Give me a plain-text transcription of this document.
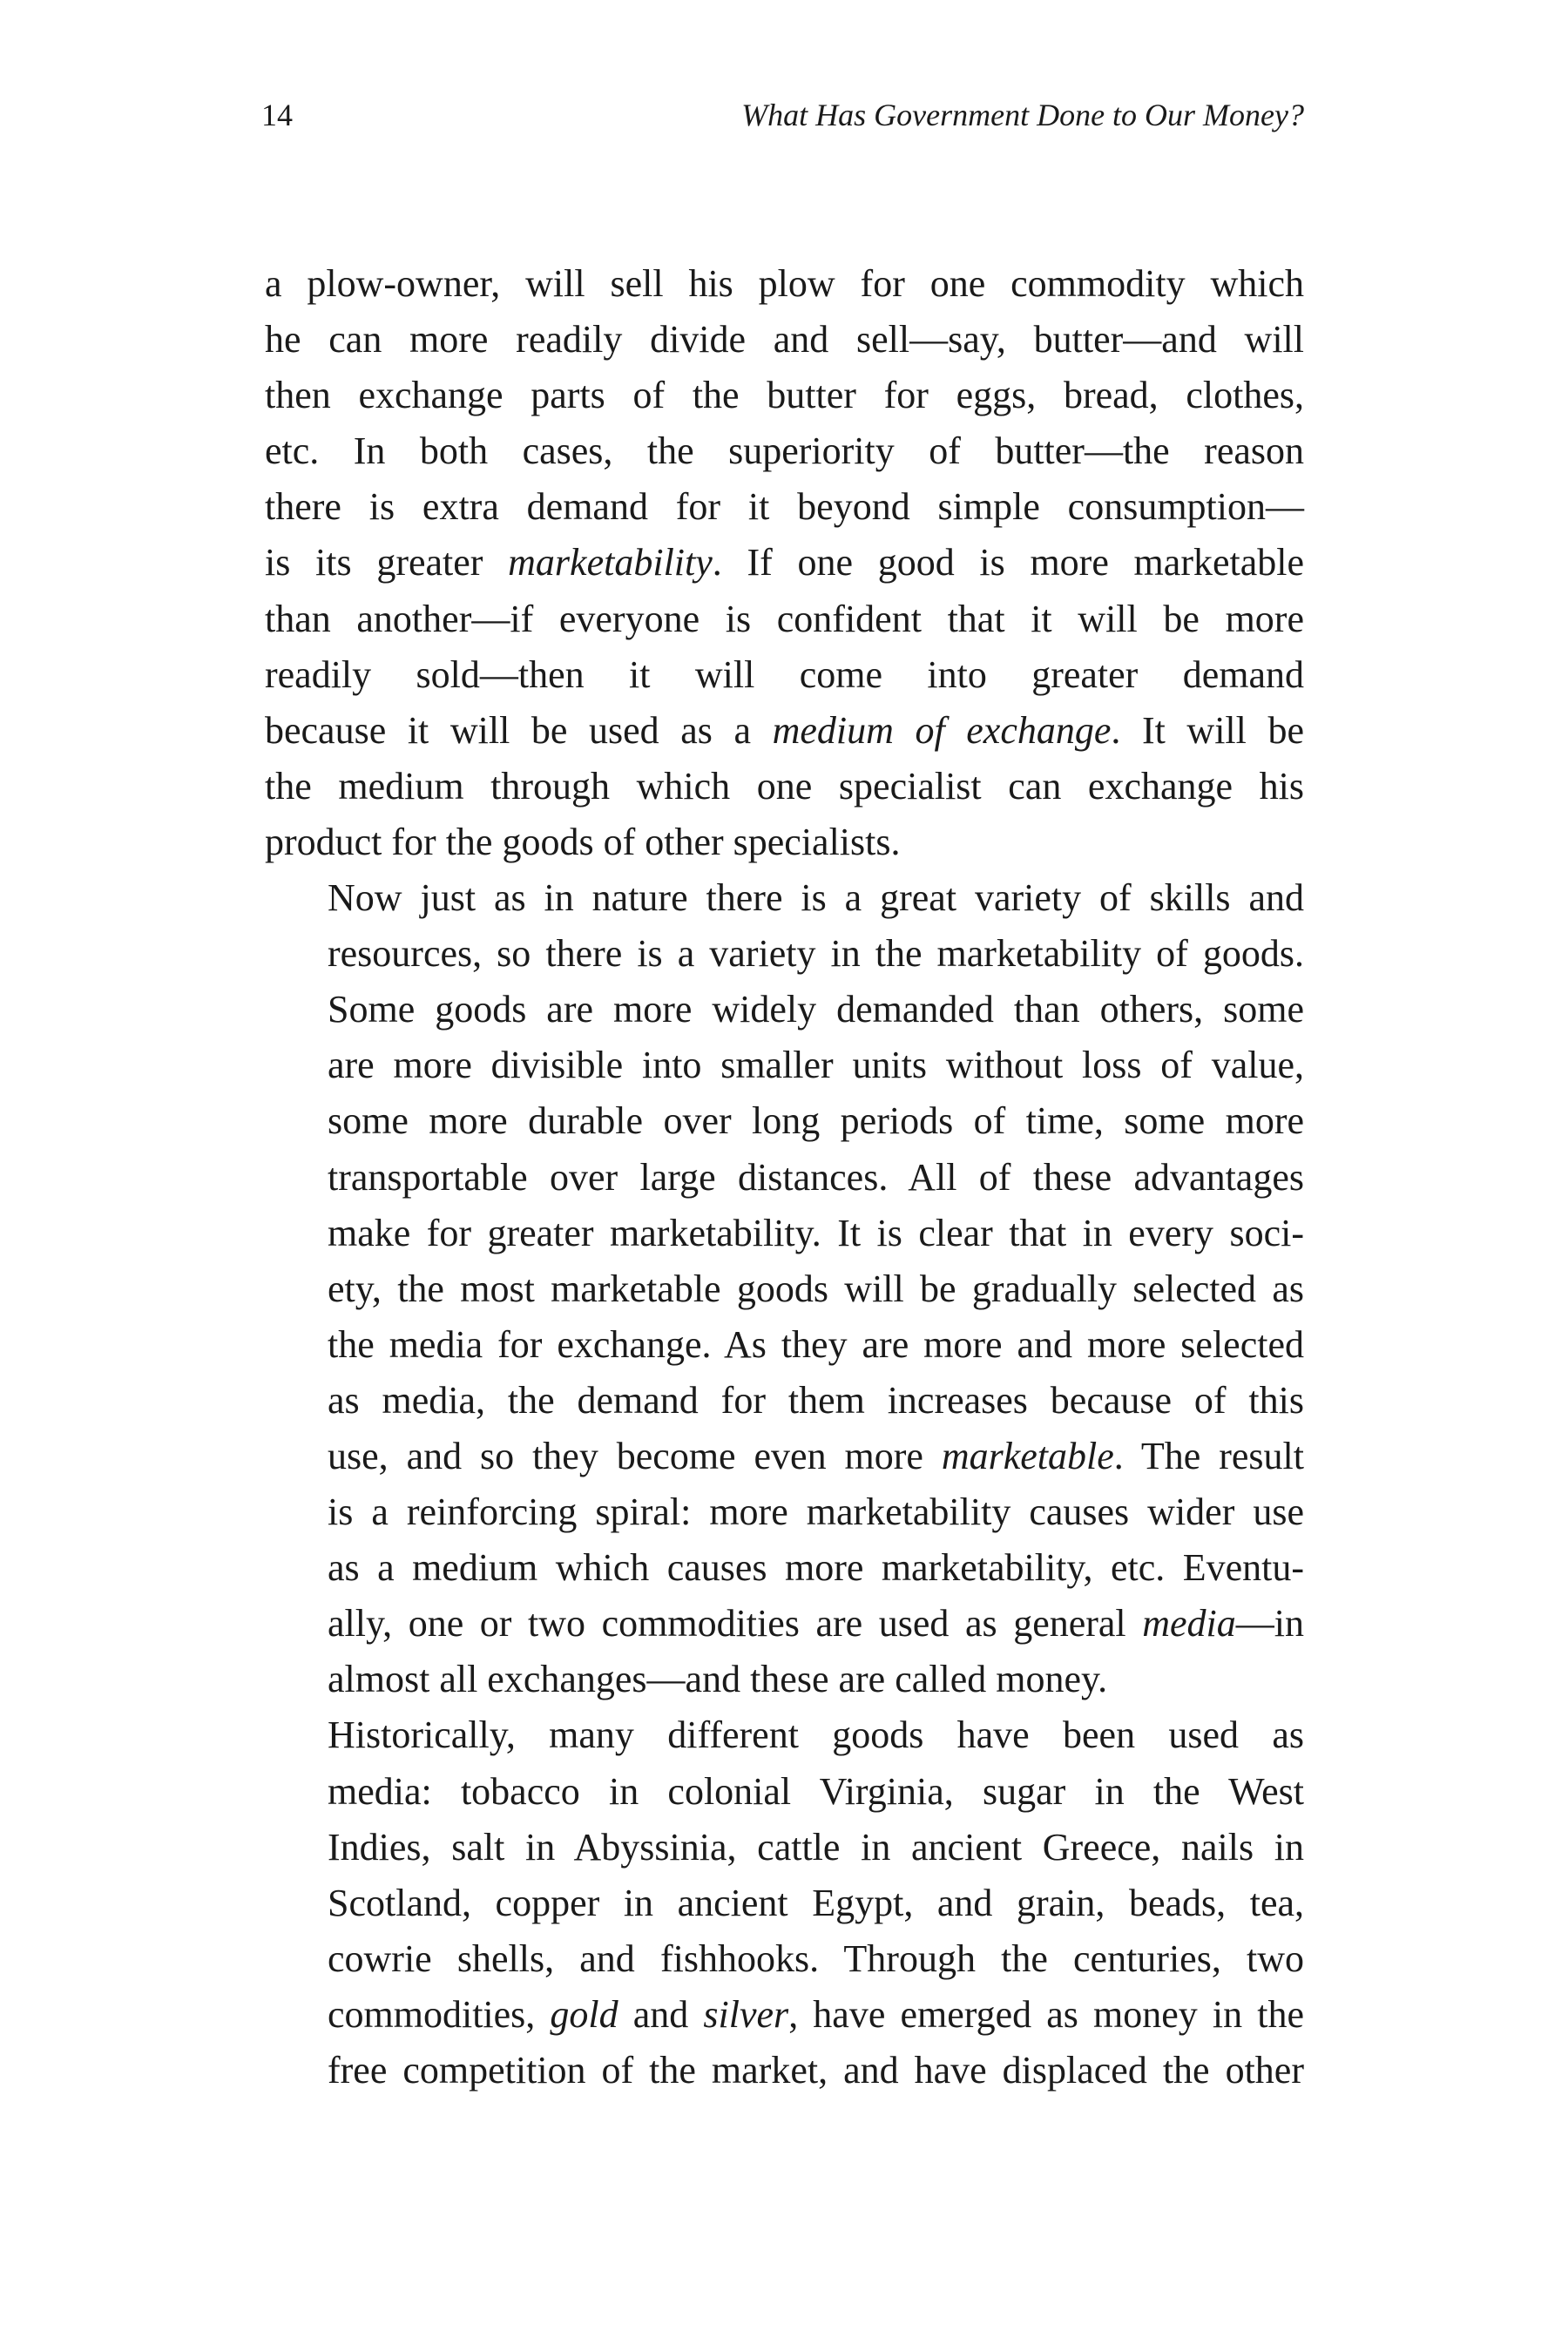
14	What Has Government Done to Our Money?

a plow-owner, will sell his plow for one commodity which
he can more readily divide and sell—say, butter—and will
then exchange parts of the butter for eggs, bread, clothes,
etc. In both cases, the superiority of butter—the reason
there is extra demand for it beyond simple consumption—
is its greater marketability. If one good is more marketable
than another—if everyone is confident that it will be more
readily sold—then it will come into greater demand
because it will be used as a medium of exchange. It will be
the medium through which one specialist can exchange his
product for the goods of other specialists.

Now just as in nature there is a great variety of skills and
resources, so there is a variety in the marketability of goods.
Some goods are more widely demanded than others, some
are more divisible into smaller units without loss of value,
some more durable over long periods of time, some more
transportable over large distances. All of these advantages
make for greater marketability. It is clear that in every soci-
ety, the most marketable goods will be gradually selected as
the media for exchange. As they are more and more selected
as media, the demand for them increases because of this
use, and so they become even more marketable. The result
is a reinforcing spiral: more marketability causes wider use
as a medium which causes more marketability, etc. Eventu-
ally, one or two commodities are used as general media—in
almost all exchanges—and these are called money.

Historically, many different goods have been used as
media: tobacco in colonial Virginia, sugar in the West
Indies, salt in Abyssinia, cattle in ancient Greece, nails in
Scotland, copper in ancient Egypt, and grain, beads, tea,
cowrie shells, and fishhooks. Through the centuries, two
commodities, gold and silver, have emerged as money in the
free competition of the market, and have displaced the other
